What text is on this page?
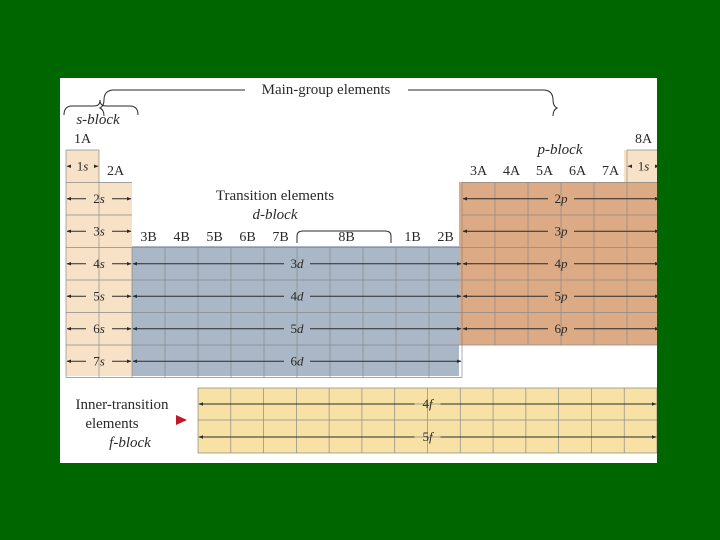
Main-group elements
s-block
p-block
Transition elements
d-block
1A
2A
8A
3B 4B 5B 6B 7B	8B	1B 2B
3A 4A 5A 6A 7A
1s
2s
3s
4s
5s
6s
7s
1s
3d
4d
5d
6d
2p
3p
4p
5p
6p
4f
5f
Inner-transition
elements
f-block
